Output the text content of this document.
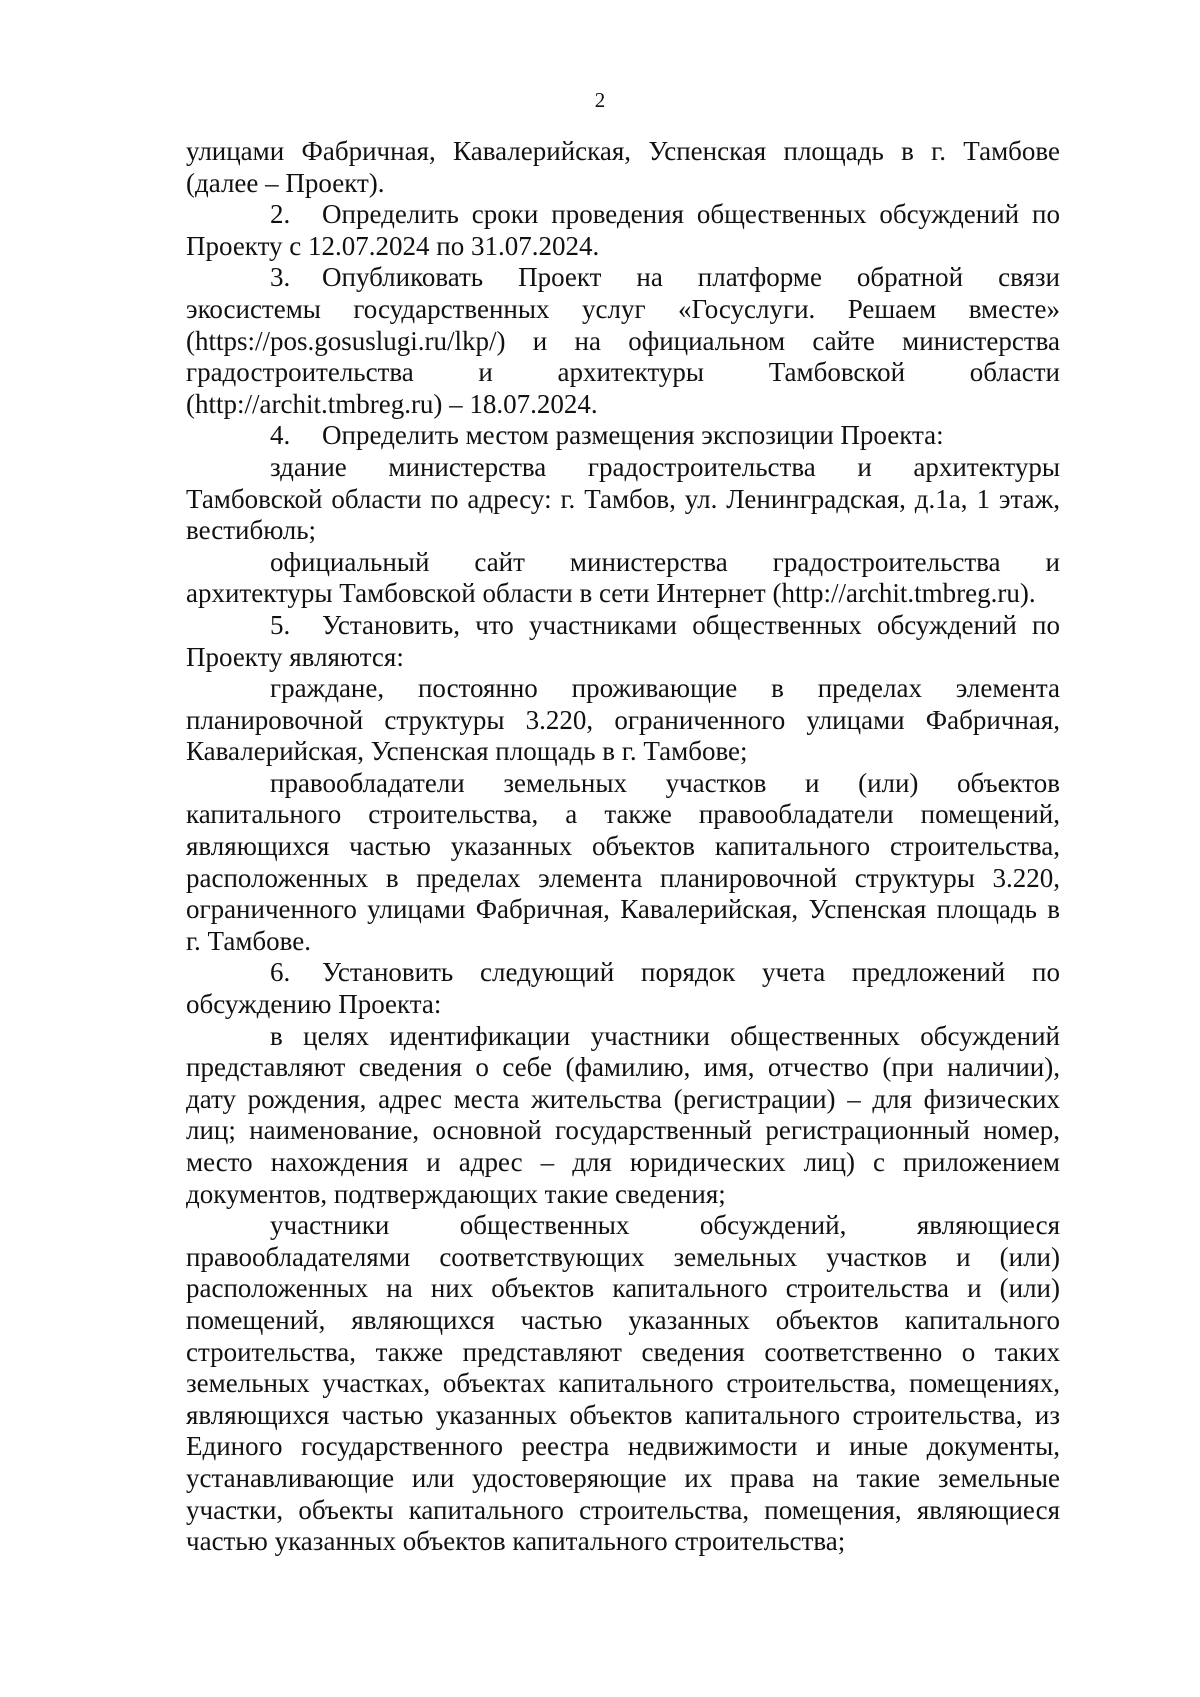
2

улицами Фабричная, Кавалерийская, Успенская площадь в г. Тамбове (далее – Проект).

2. Определить сроки проведения общественных обсуждений по Проекту с 12.07.2024 по 31.07.2024.

3. Опубликовать Проект на платформе обратной связи экосистемы государственных услуг «Госуслуги. Решаем вместе» (https://pos.gosuslugi.ru/lkp/) и на официальном сайте министерства градостроительства и архитектуры Тамбовской области (http://archit.tmbreg.ru) – 18.07.2024.

4. Определить местом размещения экспозиции Проекта:

здание министерства градостроительства и архитектуры Тамбовской области по адресу: г. Тамбов, ул. Ленинградская, д.1а, 1 этаж, вестибюль;

официальный сайт министерства градостроительства и архитектуры Тамбовской области в сети Интернет (http://archit.tmbreg.ru).

5. Установить, что участниками общественных обсуждений по Проекту являются:

граждане, постоянно проживающие в пределах элемента планировочной структуры 3.220, ограниченного улицами Фабричная, Кавалерийская, Успенская площадь в г. Тамбове;

правообладатели земельных участков и (или) объектов капитального строительства, а также правообладатели помещений, являющихся частью указанных объектов капитального строительства, расположенных в пределах элемента планировочной структуры 3.220, ограниченного улицами Фабричная, Кавалерийская, Успенская площадь в г. Тамбове.

6. Установить следующий порядок учета предложений по обсуждению Проекта:

в целях идентификации участники общественных обсуждений представляют сведения о себе (фамилию, имя, отчество (при наличии), дату рождения, адрес места жительства (регистрации) – для физических лиц; наименование, основной государственный регистрационный номер, место нахождения и адрес – для юридических лиц) с приложением документов, подтверждающих такие сведения;

участники общественных обсуждений, являющиеся правообладателями соответствующих земельных участков и (или) расположенных на них объектов капитального строительства и (или) помещений, являющихся частью указанных объектов капитального строительства, также представляют сведения соответственно о таких земельных участках, объектах капитального строительства, помещениях, являющихся частью указанных объектов капитального строительства, из Единого государственного реестра недвижимости и иные документы, устанавливающие или удостоверяющие их права на такие земельные участки, объекты капитального строительства, помещения, являющиеся частью указанных объектов капитального строительства;
